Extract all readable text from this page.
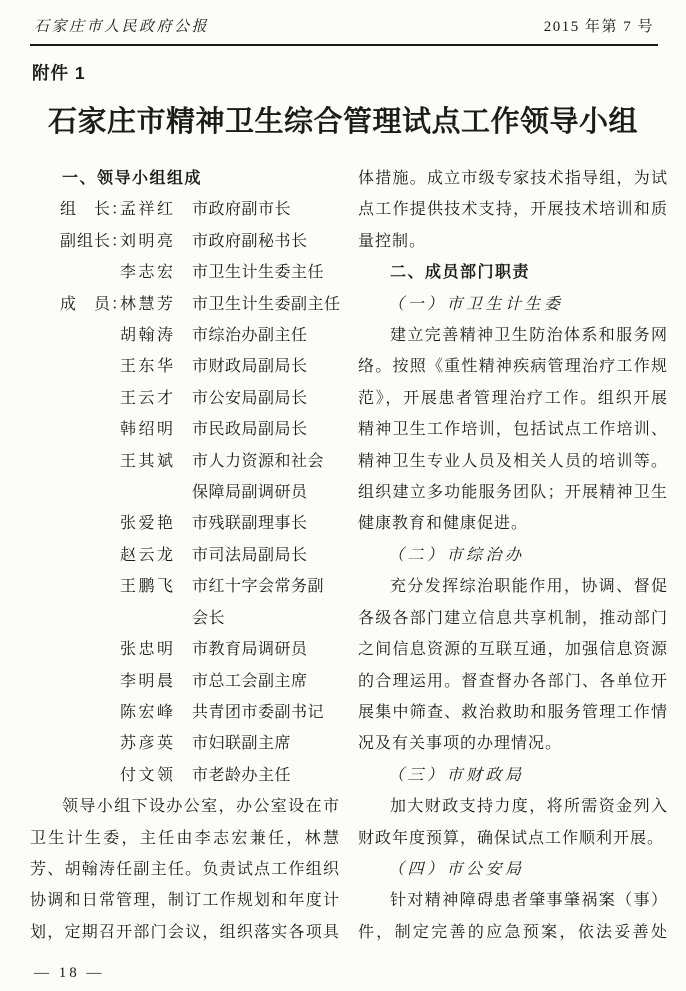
石家庄市人民政府公报	2015 年第 7 号
附件 1
石家庄市精神卫生综合管理试点工作领导小组
一、领导小组组成
组　长：
孟祥红	市政府副市长
副组长：
刘明亮	市政府副秘书长
李志宏	市卫生计生委主任
成　员：
林慧芳	市卫生计生委副主任
胡翰涛	市综治办副主任
王东华	市财政局副局长
王云才	市公安局副局长
韩绍明	市民政局副局长
王其斌	市人力资源和社会
保障局副调研员
张爱艳	市残联副理事长
赵云龙	市司法局副局长
王鹏飞	市红十字会常务副
会长
张忠明	市教育局调研员
李明晨	市总工会副主席
陈宏峰	共青团市委副书记
苏彦英	市妇联副主席
付文领	市老龄办主任
领导小组下设办公室，办公室设在市卫生计生委，主任由李志宏兼任，林慧芳、胡翰涛任副主任。负责试点工作组织协调和日常管理，制订工作规划和年度计划，定期召开部门会议，组织落实各项具
体措施。成立市级专家技术指导组，为试点工作提供技术支持，开展技术培训和质量控制。
二、成员部门职责
（一）市卫生计生委
建立完善精神卫生防治体系和服务网络。按照《重性精神疾病管理治疗工作规范》，开展患者管理治疗工作。组织开展精神卫生工作培训，包括试点工作培训、精神卫生专业人员及相关人员的培训等。组织建立多功能服务团队；开展精神卫生健康教育和健康促进。
（二）市综治办
充分发挥综治职能作用，协调、督促各级各部门建立信息共享机制，推动部门之间信息资源的互联互通，加强信息资源的合理运用。督查督办各部门、各单位开展集中筛查、救治救助和服务管理工作情况及有关事项的办理情况。
（三）市财政局
加大财政支持力度，将所需资金列入财政年度预算，确保试点工作顺利开展。
（四）市公安局
针对精神障碍患者肇事肇祸案（事）件，制定完善的应急预案，依法妥善处
— 18 —
